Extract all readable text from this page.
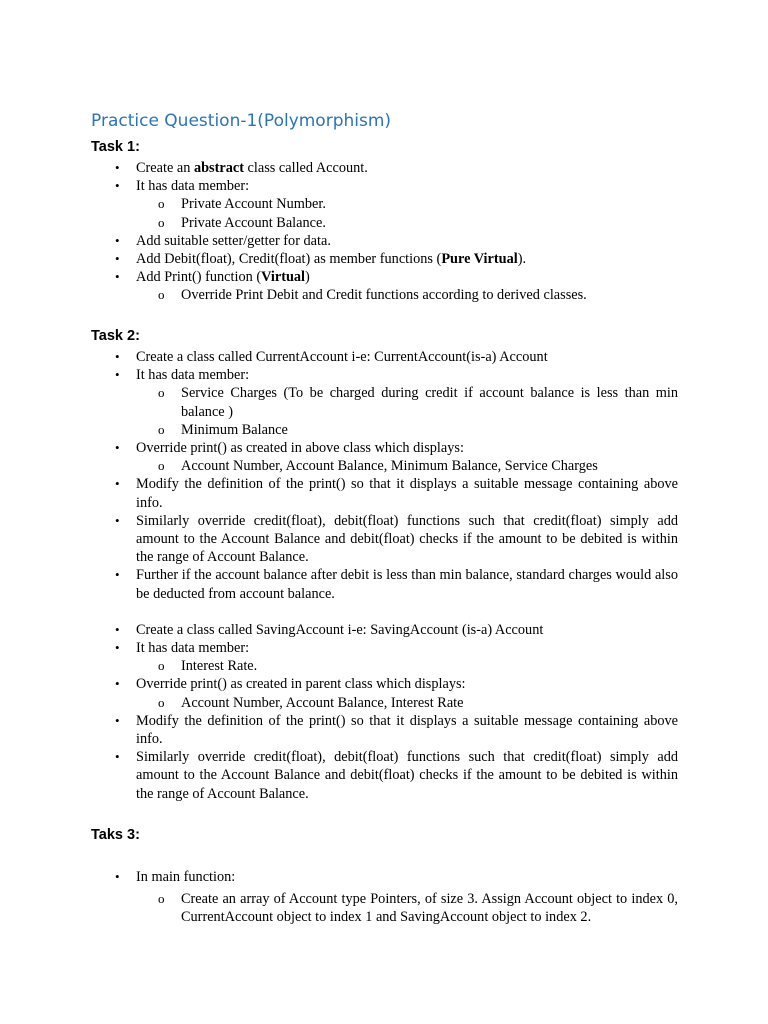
Practice Question-1(Polymorphism)
Task 1:
• Create an abstract class called Account.
• It has data member:
o Private Account Number.
o Private Account Balance.
• Add suitable setter/getter for data.
• Add Debit(float), Credit(float) as member functions (Pure Virtual).
• Add Print() function (Virtual)
o Override Print Debit and Credit functions according to derived classes.
Task 2:
• Create a class called CurrentAccount i-e: CurrentAccount(is-a) Account
• It has data member:
o Service Charges (To be charged during credit if account balance is less than min balance )
o Minimum Balance
• Override print() as created in above class which displays:
o Account Number, Account Balance, Minimum Balance, Service Charges
• Modify the definition of the print() so that it displays a suitable message containing above info.
• Similarly override credit(float), debit(float) functions such that credit(float) simply add amount to the Account Balance and debit(float) checks if the amount to be debited is within the range of Account Balance.
• Further if the account balance after debit is less than min balance, standard charges would also be deducted from account balance.
• Create a class called SavingAccount i-e: SavingAccount (is-a) Account
• It has data member:
o Interest Rate.
• Override print() as created in parent class which displays:
o Account Number, Account Balance, Interest Rate
• Modify the definition of the print() so that it displays a suitable message containing above info.
• Similarly override credit(float), debit(float) functions such that credit(float) simply add amount to the Account Balance and debit(float) checks if the amount to be debited is within the range of Account Balance.
Taks 3:
• In main function:
o Create an array of Account type Pointers, of size 3. Assign Account object to index 0, CurrentAccount object to index 1 and SavingAccount object to index 2.
